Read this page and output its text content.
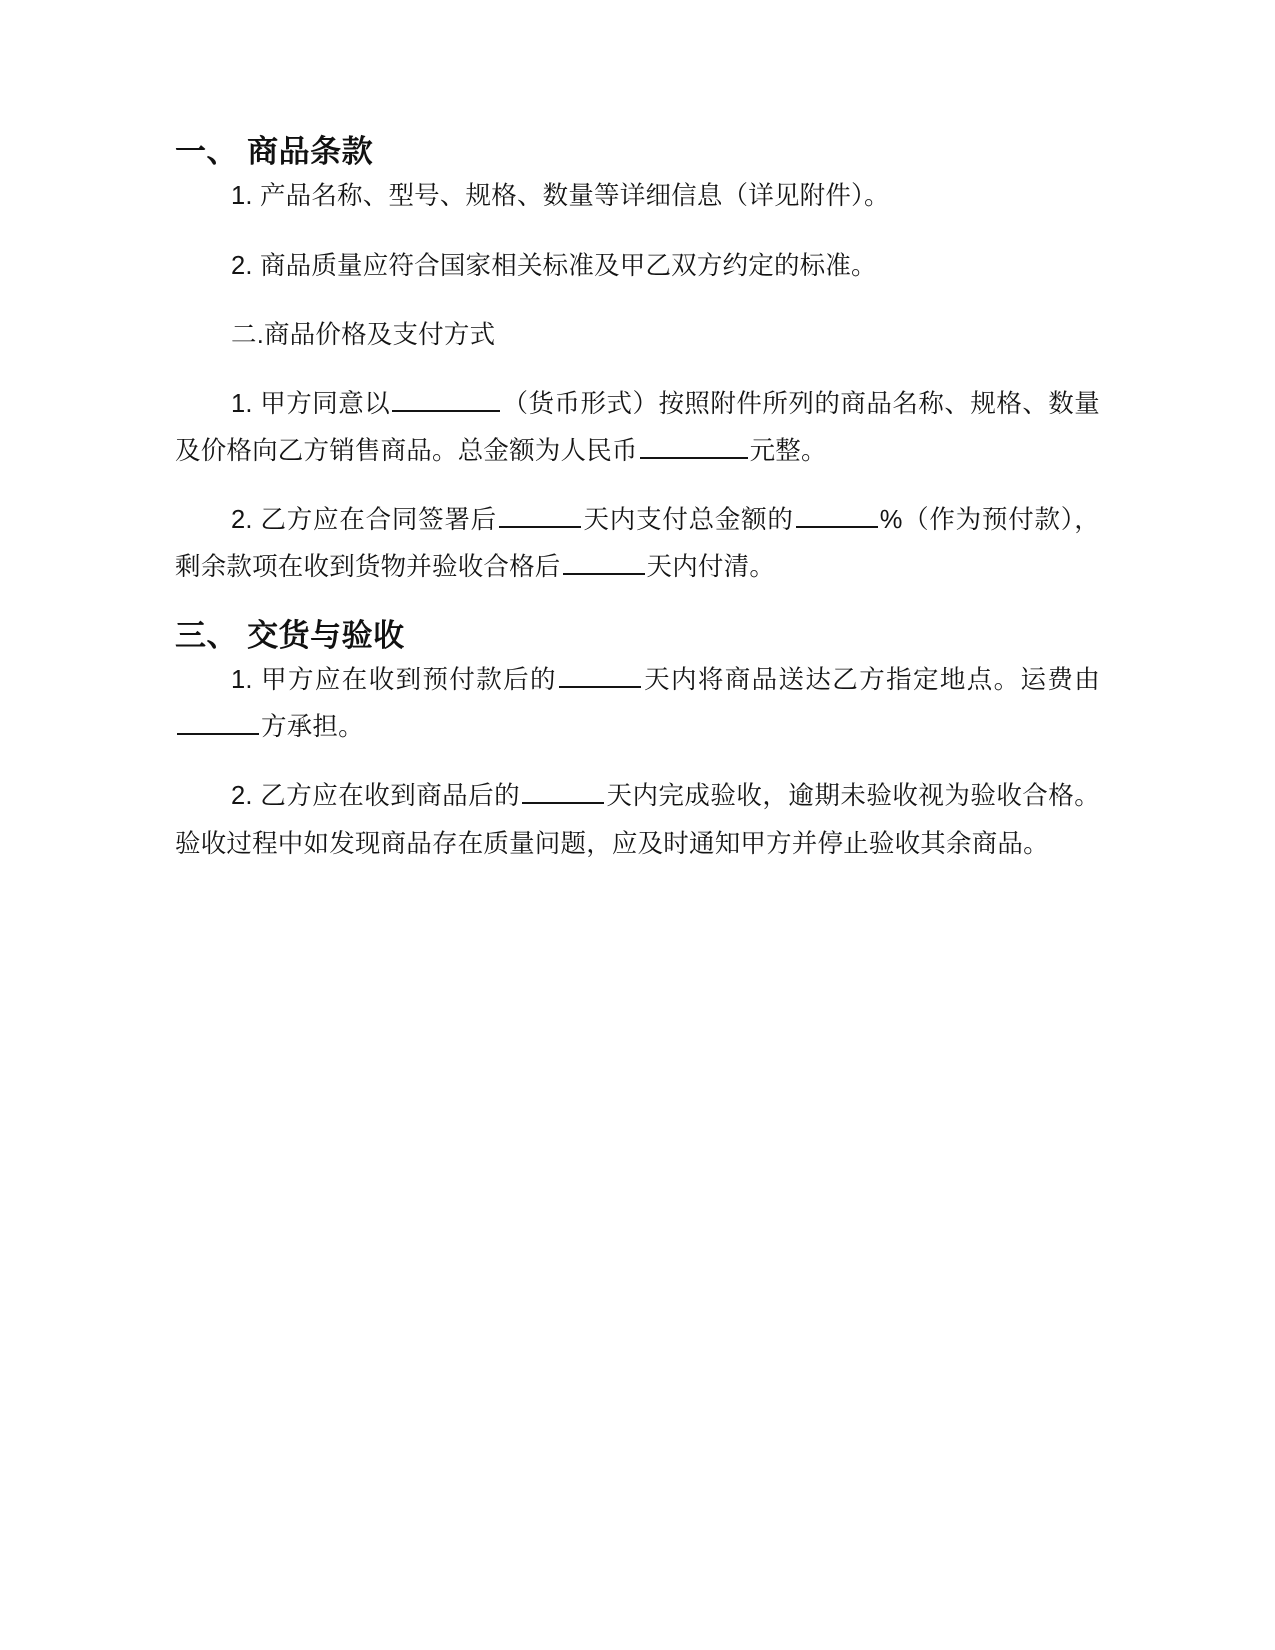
一、 商品条款

1. 产品名称、型号、规格、数量等详细信息（详见附件）。

2. 商品质量应符合国家相关标准及甲乙双方约定的标准。

二.商品价格及支付方式

1. 甲方同意以	（货币形式）按照附件所列的商品名称、规格、数量及价格向乙方销售商品。总金额为人民币	元整。

2. 乙方应在合同签署后	天内支付总金额的	%（作为预付款），剩余款项在收到货物并验收合格后	天内付清。

三、 交货与验收

1. 甲方应在收到预付款后的	天内将商品送达乙方指定地点。运费由方承担。

2. 乙方应在收到商品后的	天内完成验收，逾期未验收视为验收合格。验收过程中如发现商品存在质量问题，应及时通知甲方并停止验收其余商品。
